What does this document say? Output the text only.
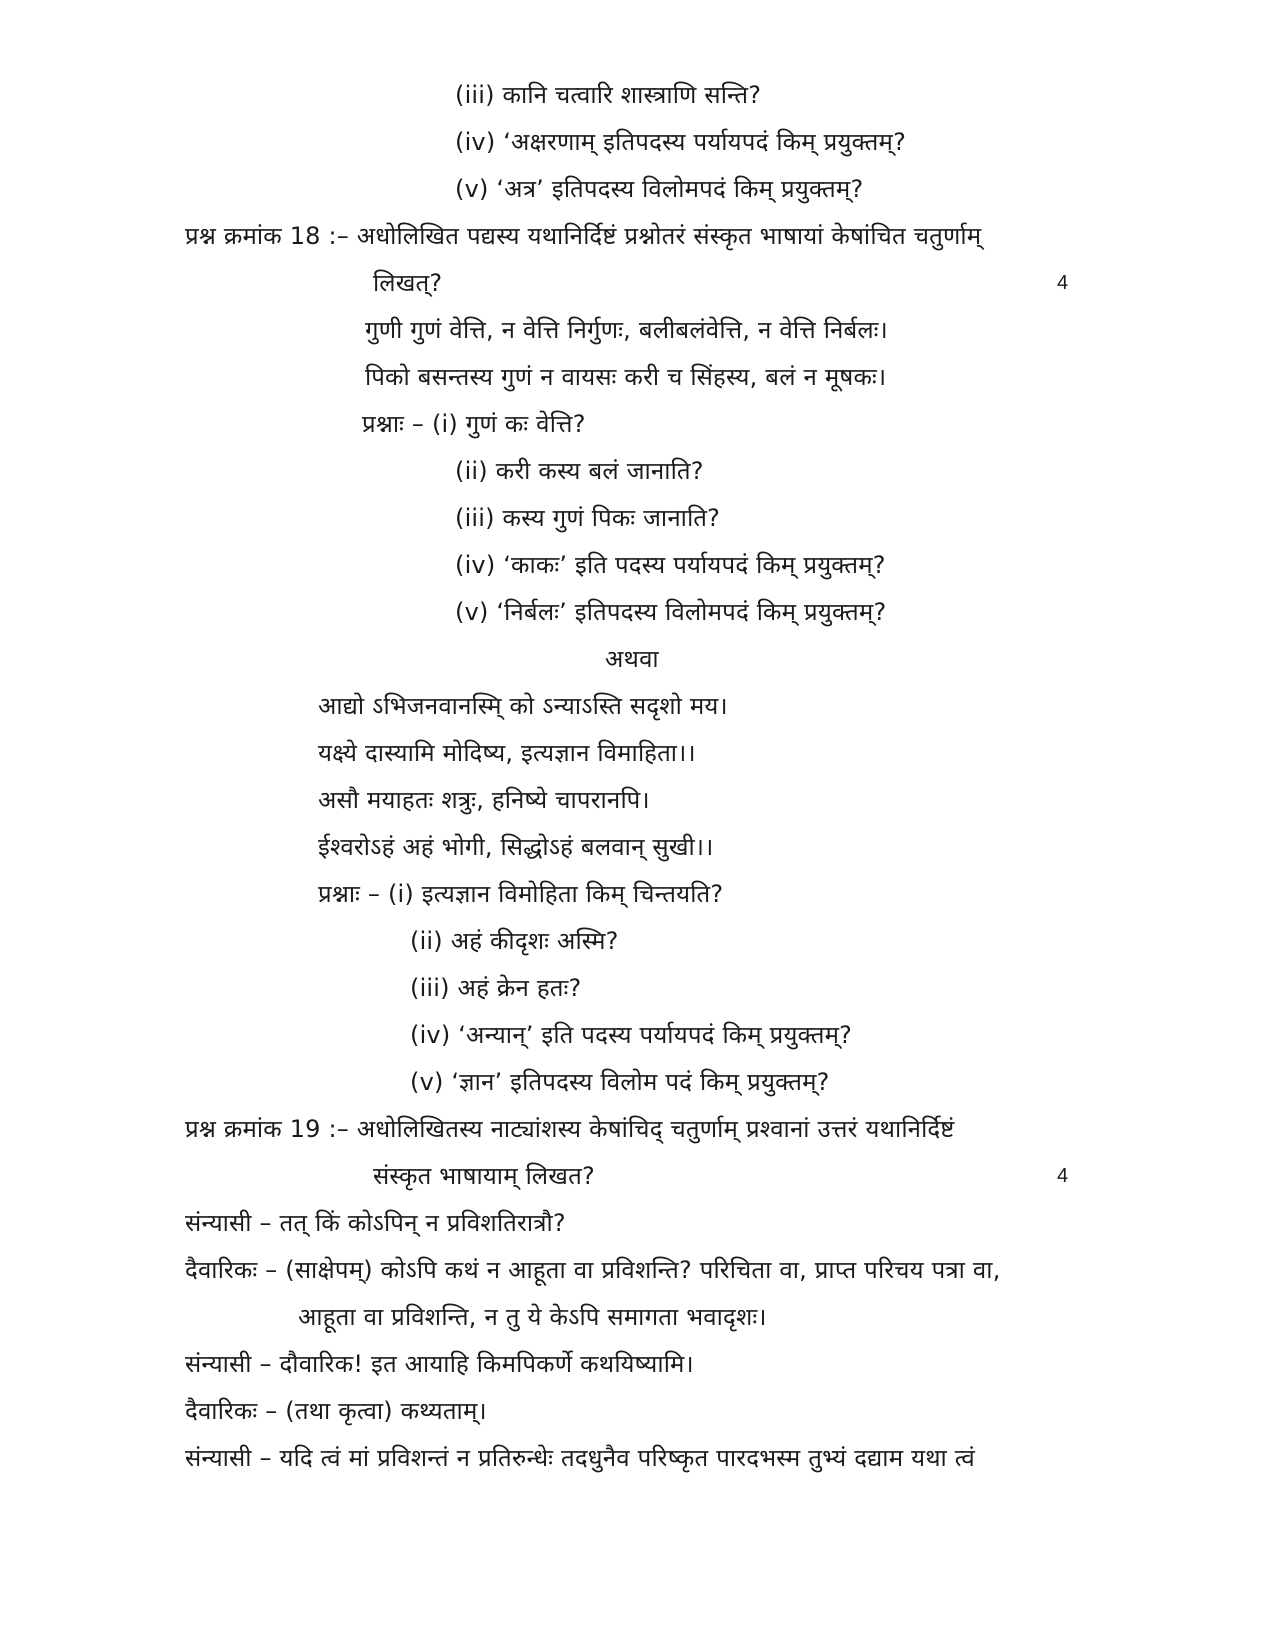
(iii) कानि चत्वारि शास्त्राणि सन्ति?
(iv) ‘अक्षरणाम् इतिपदस्य पर्यायपदं किम् प्रयुक्तम्?
(v) ‘अत्र’ इतिपदस्य विलोमपदं किम् प्रयुक्तम्?
प्रश्न क्रमांक 18 :– अधोलिखित पद्यस्य यथानिर्दिष्टं प्रश्नोतरं संस्कृत भाषायां केषांचित चतुर्णाम्
लिखत्?	4
गुणी गुणं वेत्ति, न वेत्ति निर्गुणः, बलीबलंवेत्ति, न वेत्ति निर्बलः।
पिको बसन्तस्य गुणं न वायसः करी च सिंहस्य, बलं न मूषकः।
प्रश्नाः – (i) गुणं कः वेत्ति?
(ii) करी कस्य बलं जानाति?
(iii) कस्य गुणं पिकः जानाति?
(iv) ‘काकः’ इति पदस्य पर्यायपदं किम् प्रयुक्तम्?
(v) ‘निर्बलः’ इतिपदस्य विलोमपदं किम् प्रयुक्तम्?
अथवा
आद्यो ऽभिजनवानस्मि् को ऽन्याऽस्ति सदृशो मय।
यक्ष्ये दास्यामि मोदिष्य, इत्यज्ञान विमाहिता।।
असौ मयाहतः शत्रुः, हनिष्ये चापरानपि।
ईश्वरोऽहं अहं भोगी, सिद्धोऽहं बलवान् सुखी।।
प्रश्नाः – (i) इत्यज्ञान विमोहिता किम् चिन्तयति?
(ii) अहं कीदृशः अस्मि?
(iii) अहं क्रेन हतः?
(iv) ‘अन्यान्’ इति पदस्य पर्यायपदं किम् प्रयुक्तम्?
(v) ‘ज्ञान’ इतिपदस्य विलोम पदं किम् प्रयुक्तम्?
प्रश्न क्रमांक 19 :– अधोलिखितस्य नाट्यांशस्य केषांचिद् चतुर्णाम् प्रश्वानां उत्तरं यथानिर्दिष्टं
संस्कृत भाषायाम् लिखत?	4
संन्यासी – तत् किं कोऽपिन् न प्रविशतिरात्रौ?
दैवारिकः – (साक्षेपम्) कोऽपि कथं न आहूता वा प्रविशन्ति? परिचिता वा, प्राप्त परिचय पत्रा वा,
आहूता वा प्रविशन्ति, न तु ये केऽपि समागता भवादृशः।
संन्यासी – दौवारिक! इत आयाहि किमपिकर्णे कथयिष्यामि।
दैवारिकः – (तथा कृत्वा) कथ्यताम्।
संन्यासी – यदि त्वं मां प्रविशन्तं न प्रतिरुन्धेः तदधुनैव परिष्कृत पारदभस्म तुभ्यं दद्याम यथा त्वं
